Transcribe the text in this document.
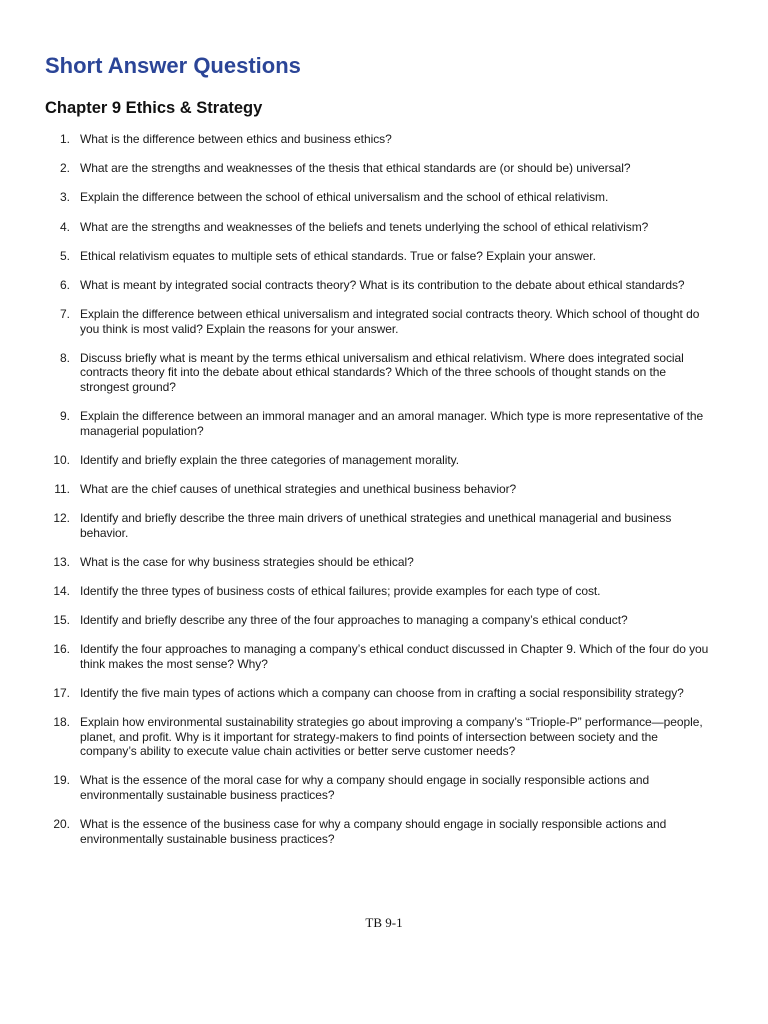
Short Answer Questions
Chapter 9 Ethics & Strategy
1. What is the difference between ethics and business ethics?
2. What are the strengths and weaknesses of the thesis that ethical standards are (or should be) universal?
3. Explain the difference between the school of ethical universalism and the school of ethical relativism.
4. What are the strengths and weaknesses of the beliefs and tenets underlying the school of ethical relativism?
5. Ethical relativism equates to multiple sets of ethical standards. True or false? Explain your answer.
6. What is meant by integrated social contracts theory? What is its contribution to the debate about ethical standards?
7. Explain the difference between ethical universalism and integrated social contracts theory. Which school of thought do you think is most valid? Explain the reasons for your answer.
8. Discuss briefly what is meant by the terms ethical universalism and ethical relativism. Where does integrated social contracts theory fit into the debate about ethical standards? Which of the three schools of thought stands on the strongest ground?
9. Explain the difference between an immoral manager and an amoral manager. Which type is more representative of the managerial population?
10. Identify and briefly explain the three categories of management morality.
11. What are the chief causes of unethical strategies and unethical business behavior?
12. Identify and briefly describe the three main drivers of unethical strategies and unethical managerial and business behavior.
13. What is the case for why business strategies should be ethical?
14. Identify the three types of business costs of ethical failures; provide examples for each type of cost.
15. Identify and briefly describe any three of the four approaches to managing a company’s ethical conduct?
16. Identify the four approaches to managing a company’s ethical conduct discussed in Chapter 9. Which of the four do you think makes the most sense? Why?
17. Identify the five main types of actions which a company can choose from in crafting a social responsibility strategy?
18. Explain how environmental sustainability strategies go about improving a company’s “Triople-P” performance—people, planet, and profit. Why is it important for strategy-makers to find points of intersection between society and the company’s ability to execute value chain activities or better serve customer needs?
19. What is the essence of the moral case for why a company should engage in socially responsible actions and environmentally sustainable business practices?
20. What is the essence of the business case for why a company should engage in socially responsible actions and environmentally sustainable business practices?
TB 9-1
